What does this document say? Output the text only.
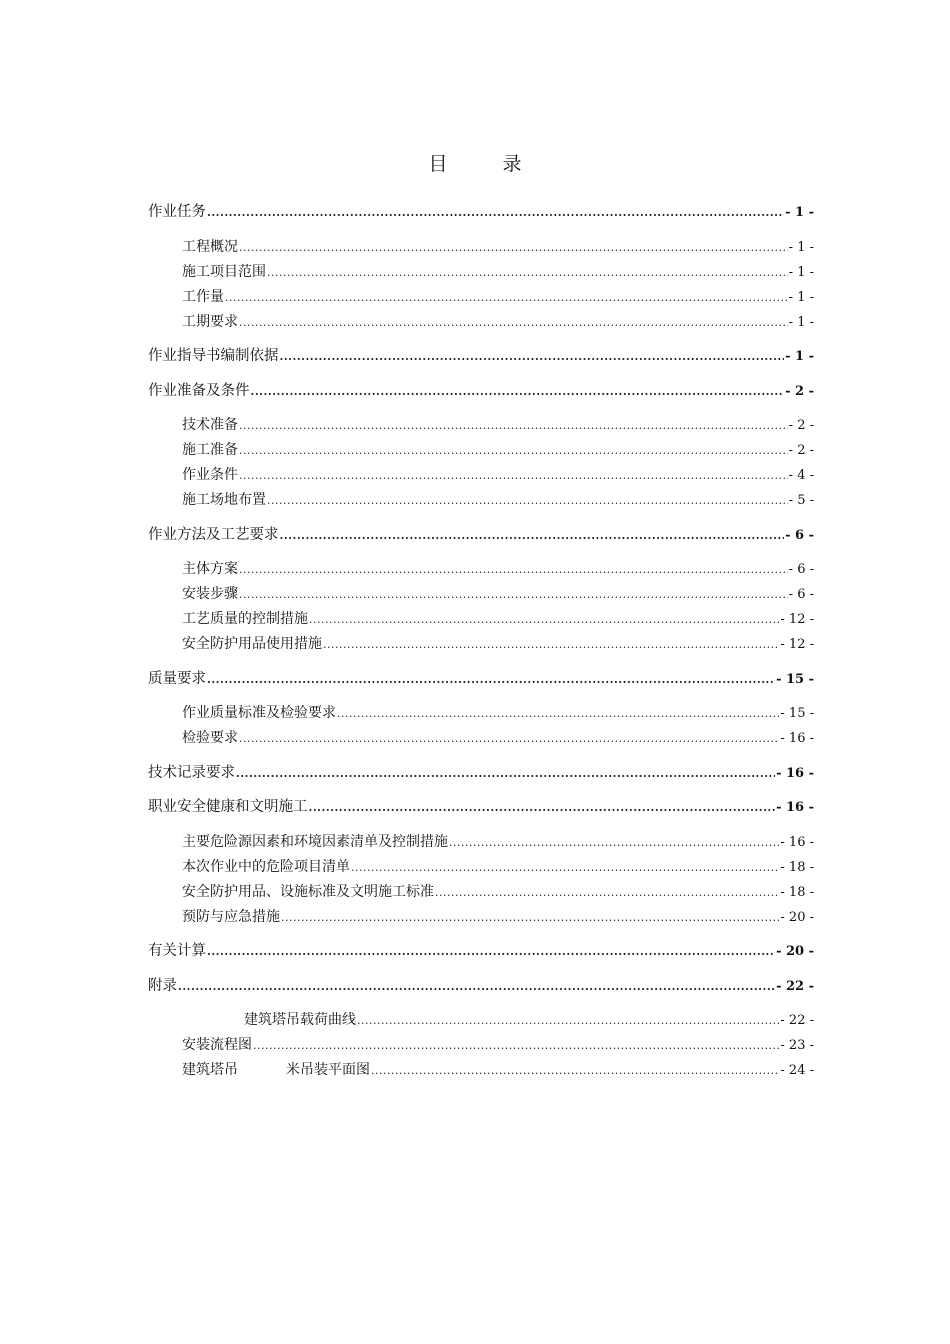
目　录
作业任务 .....	- 1 -
工程概况 .....	- 1 -
施工项目范围 .....	- 1 -
工作量 .....	- 1 -
工期要求 .....	- 1 -
作业指导书编制依据 .....	- 1 -
作业准备及条件 .....	- 2 -
技术准备 .....	- 2 -
施工准备 .....	- 2 -
作业条件 .....	- 4 -
施工场地布置 .....	- 5 -
作业方法及工艺要求 .....	- 6 -
主体方案 .....	- 6 -
安装步骤 .....	- 6 -
工艺质量的控制措施 .....	- 12 -
安全防护用品使用措施 .....	- 12 -
质量要求 .....	- 15 -
作业质量标准及检验要求 .....	- 15 -
检验要求 .....	- 16 -
技术记录要求 .....	- 16 -
职业安全健康和文明施工 .....	- 16 -
主要危险源因素和环境因素清单及控制措施 .....	- 16 -
本次作业中的危险项目清单 .....	- 18 -
安全防护用品、设施标准及文明施工标准 .....	- 18 -
预防与应急措施 .....	- 20 -
有关计算 .....	- 20 -
附录 .....	- 22 -
建筑塔吊载荷曲线 .....	- 22 -
安装流程图 .....	- 23 -
建筑塔吊	米吊装平面图 .....	- 24 -
